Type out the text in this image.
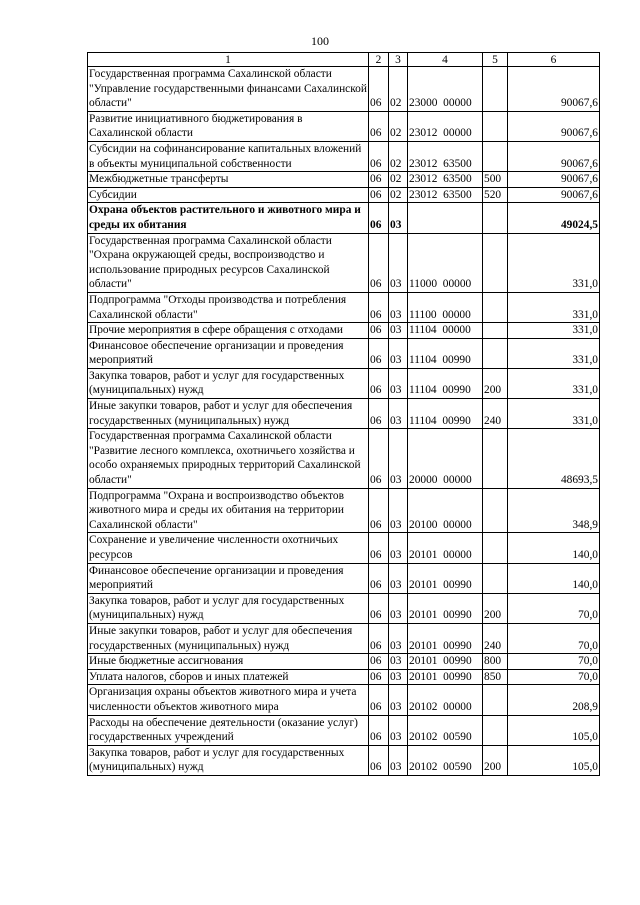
100
1	2	3	4	5	6
Государственная программа Сахалинской области "Управление государственными финансами Сахалинской области"	06	02	23000  00000		90067,6
Развитие инициативного бюджетирования в Сахалинской области	06	02	23012  00000		90067,6
Субсидии на софинансирование капитальных вложений в объекты муниципальной собственности	06	02	23012  63500		90067,6
Межбюджетные трансферты	06	02	23012  63500	500	90067,6
Субсидии	06	02	23012  63500	520	90067,6
Охрана объектов растительного и животного мира и среды их обитания	06	03			49024,5
Государственная программа Сахалинской области "Охрана окружающей среды, воспроизводство и использование природных ресурсов Сахалинской области"	06	03	11000  00000		331,0
Подпрограмма "Отходы производства и потребления Сахалинской области"	06	03	11100  00000		331,0
Прочие мероприятия в сфере обращения с отходами	06	03	11104  00000		331,0
Финансовое обеспечение организации и проведения мероприятий	06	03	11104  00990		331,0
Закупка товаров, работ и услуг для государственных (муниципальных) нужд	06	03	11104  00990	200	331,0
Иные закупки товаров, работ и услуг для обеспечения государственных (муниципальных) нужд	06	03	11104  00990	240	331,0
Государственная программа Сахалинской области "Развитие лесного комплекса, охотничьего хозяйства и особо охраняемых природных территорий Сахалинской области"	06	03	20000  00000		48693,5
Подпрограмма "Охрана и воспроизводство объектов животного мира и среды их обитания на территории Сахалинской области"	06	03	20100  00000		348,9
Сохранение и увеличение численности охотничьих ресурсов	06	03	20101  00000		140,0
Финансовое обеспечение организации и проведения мероприятий	06	03	20101  00990		140,0
Закупка товаров, работ и услуг для государственных (муниципальных) нужд	06	03	20101  00990	200	70,0
Иные закупки товаров, работ и услуг для обеспечения государственных (муниципальных) нужд	06	03	20101  00990	240	70,0
Иные бюджетные ассигнования	06	03	20101  00990	800	70,0
Уплата налогов, сборов и иных платежей	06	03	20101  00990	850	70,0
Организация охраны объектов животного мира и учета численности объектов животного мира	06	03	20102  00000		208,9
Расходы на обеспечение деятельности (оказание услуг) государственных учреждений	06	03	20102  00590		105,0
Закупка товаров, работ и услуг для государственных (муниципальных) нужд	06	03	20102  00590	200	105,0
